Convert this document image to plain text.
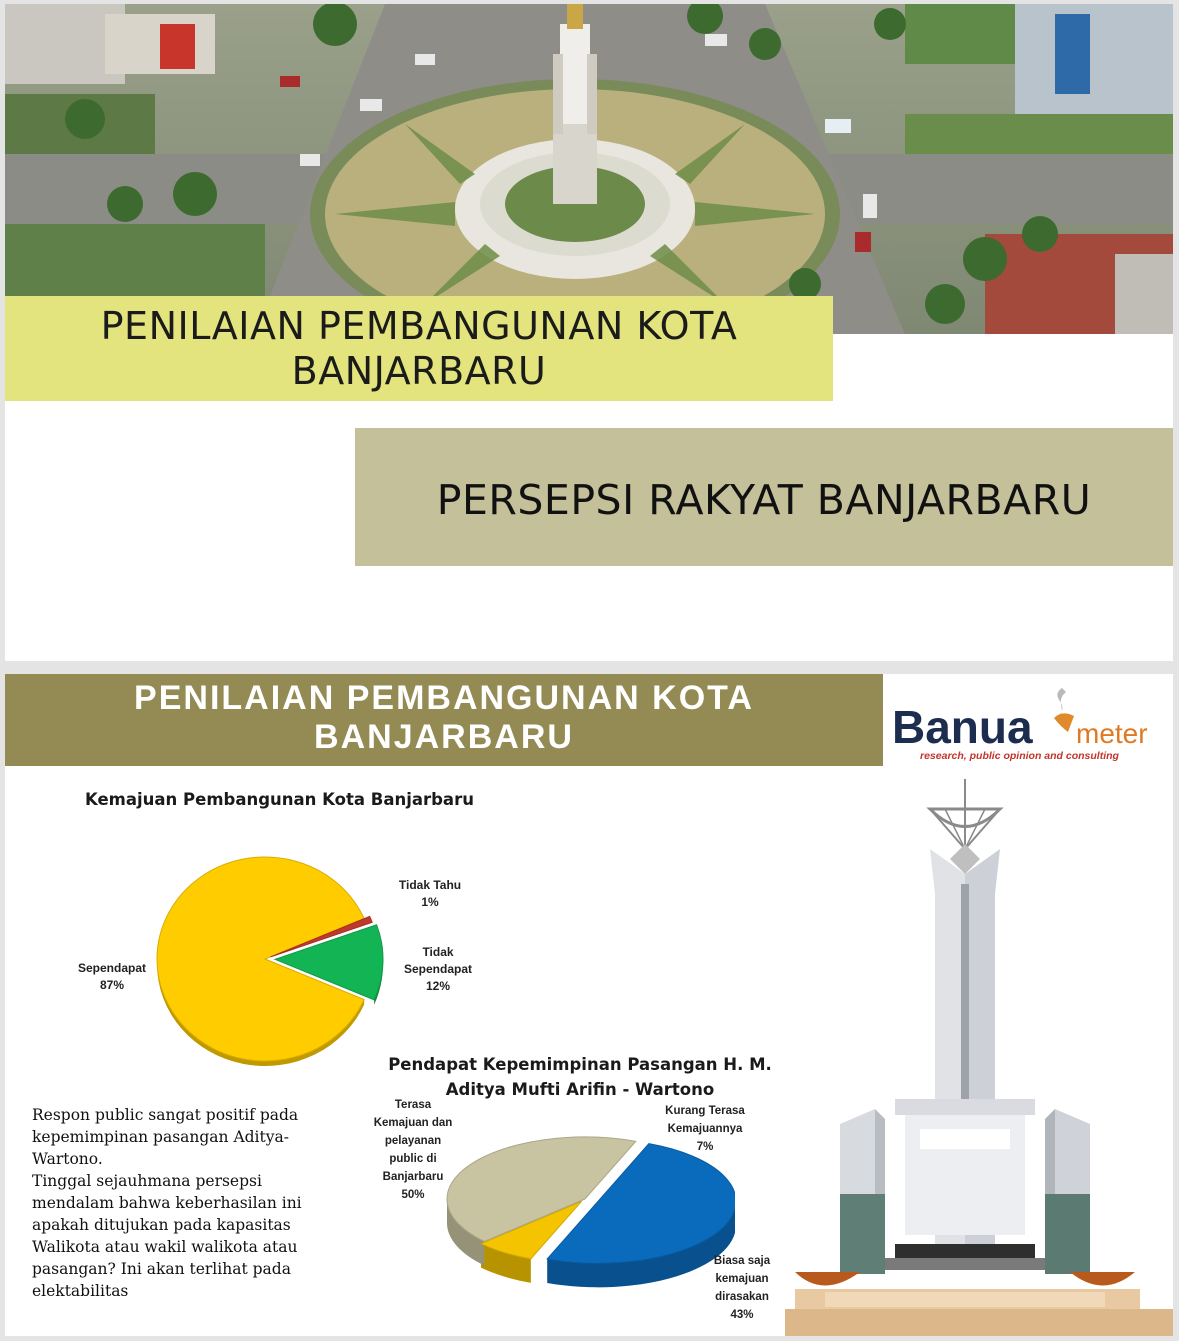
PENILAIAN PEMBANGUNAN KOTA
BANJARBARU
PERSEPSI RAKYAT BANJARBARU
PENILAIAN PEMBANGUNAN KOTA
BANJARBARU	Banua meter
research, public opinion and consulting
Kemajuan Pembangunan Kota Banjarbaru
Sependapat
87%
Tidak Tahu
1%
Tidak Sependapat
12%
Pendapat Kepemimpinan Pasangan H. M.
Aditya Mufti Arifin - Wartono
Terasa
Kemajuan dan
pelayanan
public di
Banjarbaru
50%
Kurang Terasa
Kemajuannya
7%
Biasa saja
kemajuan
dirasakan
43%
Respon public sangat positif pada
kepemimpinan pasangan Aditya-
Wartono.
Tinggal sejauhmana persepsi
mendalam bahwa keberhasilan ini
apakah ditujukan pada kapasitas
Walikota atau wakil walikota atau
pasangan? Ini akan terlihat pada
elektabilitas
